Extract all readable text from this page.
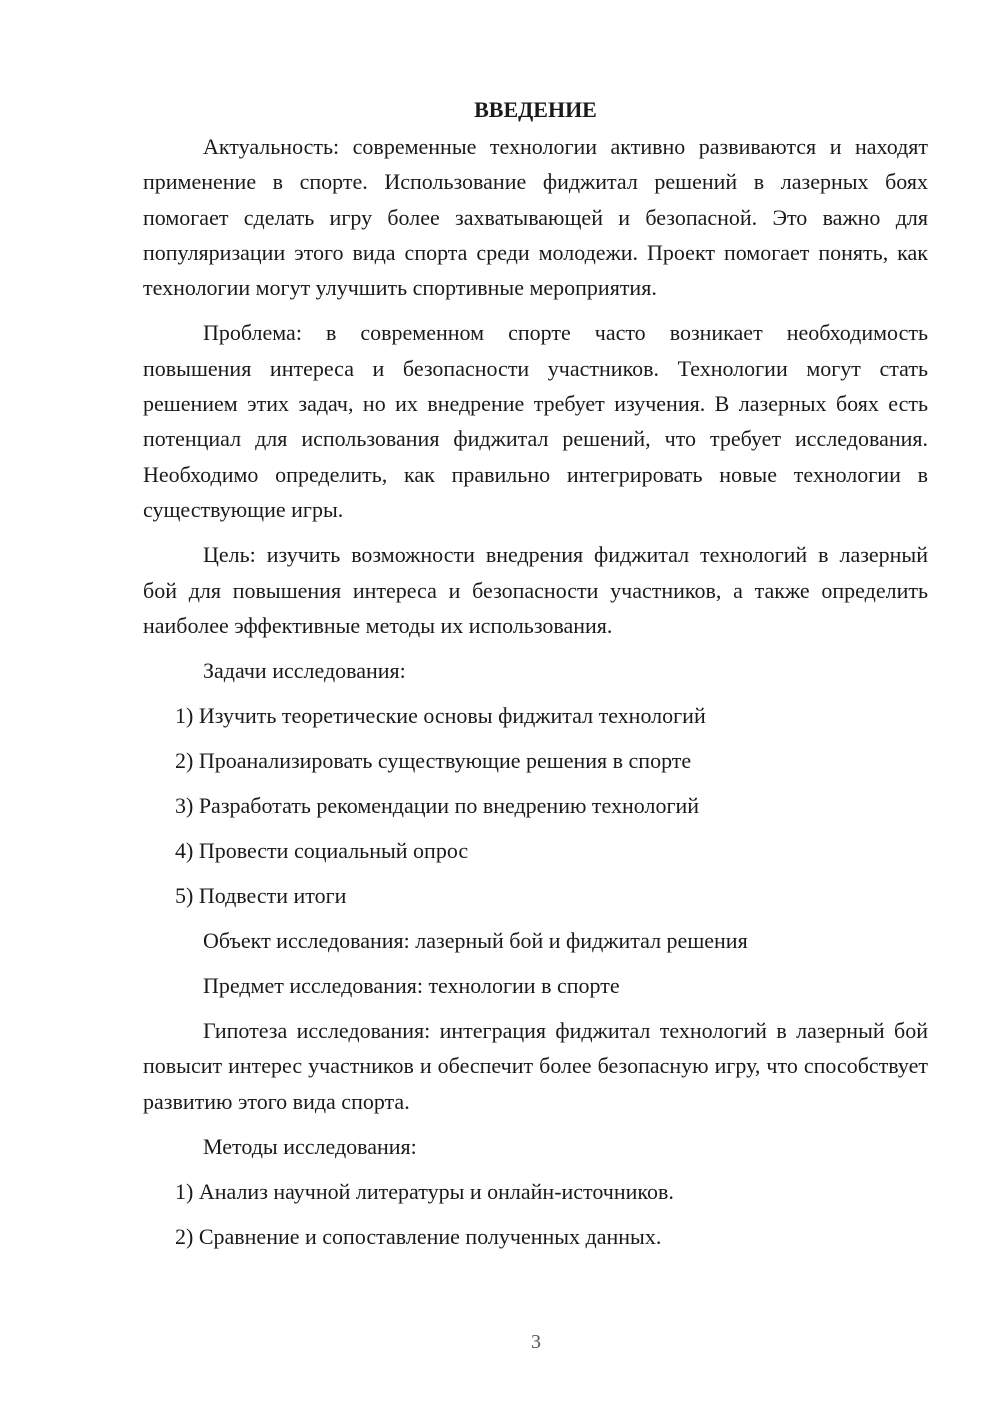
ВВЕДЕНИЕ

Актуальность: современные технологии активно развиваются и находят применение в спорте. Использование фиджитал решений в лазерных боях помогает сделать игру более захватывающей и безопасной. Это важно для популяризации этого вида спорта среди молодежи. Проект помогает понять, как технологии могут улучшить спортивные мероприятия.

Проблема: в современном спорте часто возникает необходимость повышения интереса и безопасности участников. Технологии могут стать решением этих задач, но их внедрение требует изучения. В лазерных боях есть потенциал для использования фиджитал решений, что требует исследования. Необходимо определить, как правильно интегрировать новые технологии в существующие игры.

Цель: изучить возможности внедрения фиджитал технологий в лазерный бой для повышения интереса и безопасности участников, а также определить наиболее эффективные методы их использования.

Задачи исследования:
1) Изучить теоретические основы фиджитал технологий
2) Проанализировать существующие решения в спорте
3) Разработать рекомендации по внедрению технологий
4) Провести социальный опрос
5) Подвести итоги
Объект исследования: лазерный бой и фиджитал решения
Предмет исследования: технологии в спорте

Гипотеза исследования: интеграция фиджитал технологий в лазерный бой повысит интерес участников и обеспечит более безопасную игру, что способствует развитию этого вида спорта.

Методы исследования:
1) Анализ научной литературы и онлайн-источников.
2) Сравнение и сопоставление полученных данных.
3
